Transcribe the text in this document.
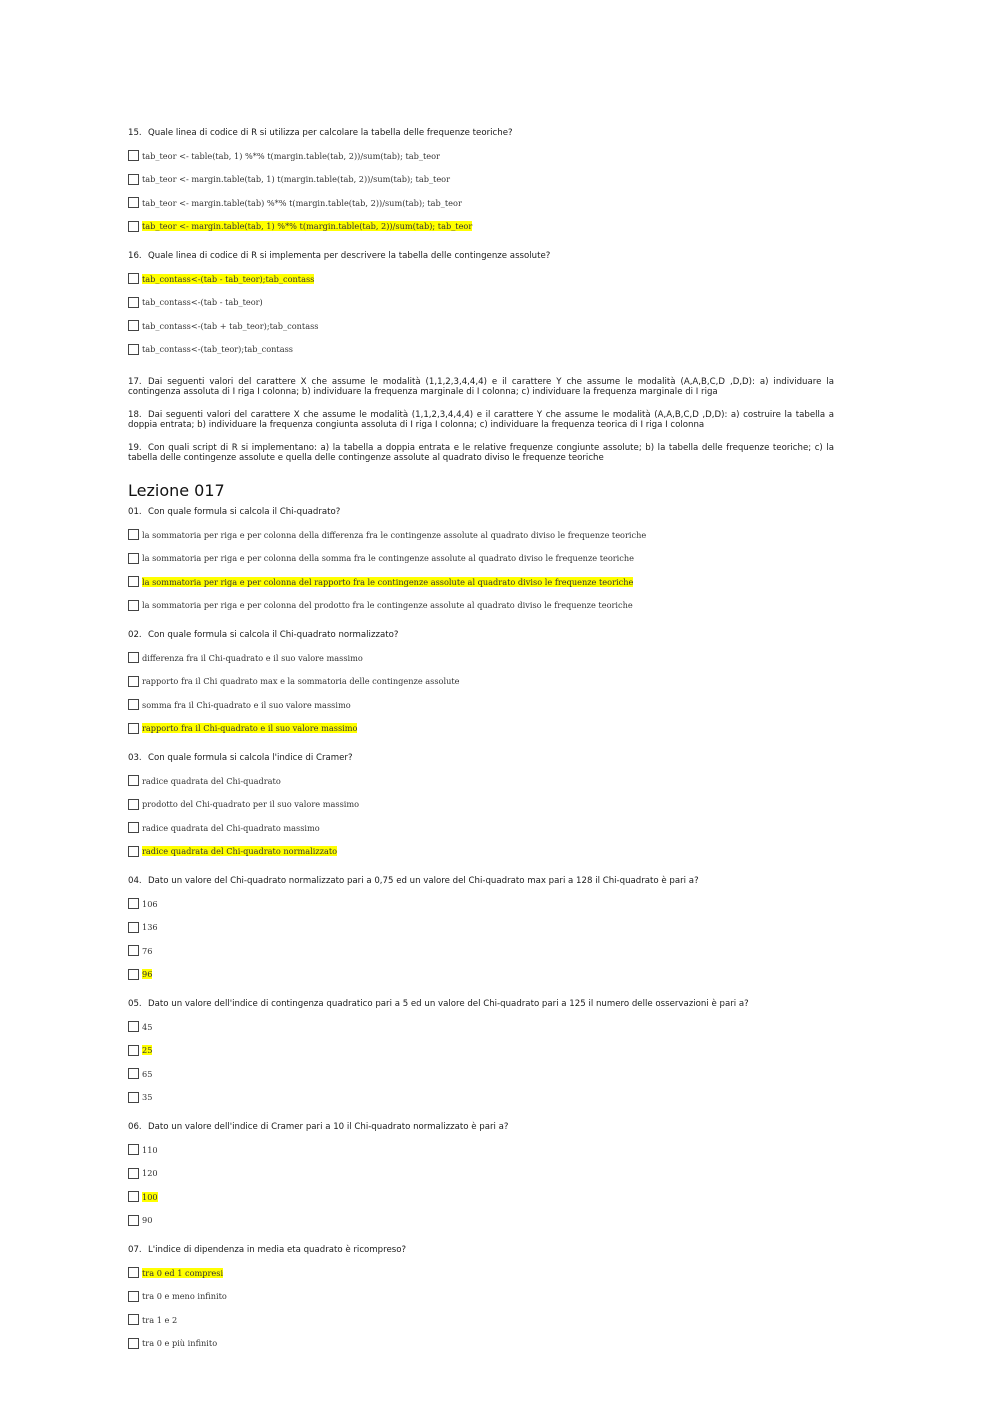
15. Quale linea di codice di R si utilizza per calcolare la tabella delle frequenze teoriche?

tab_teor <- table(tab, 1) %*% t(margin.table(tab, 2))/sum(tab); tab_teor
tab_teor <- margin.table(tab, 1) t(margin.table(tab, 2))/sum(tab); tab_teor
tab_teor <- margin.table(tab) %*% t(margin.table(tab, 2))/sum(tab); tab_teor
tab_teor <- margin.table(tab, 1) %*% t(margin.table(tab, 2))/sum(tab); tab_teor

16. Quale linea di codice di R si implementa per descrivere la tabella delle contingenze assolute?

tab_contass<-(tab - tab_teor);tab_contass
tab_contass<-(tab - tab_teor)
tab_contass<-(tab + tab_teor);tab_contass
tab_contass<-(tab_teor);tab_contass

17. Dai seguenti valori del carattere X che assume le modalità (1,1,2,3,4,4,4) e il carattere Y che assume le modalità (A,A,B,C,D ,D,D): a) individuare la contingenza assoluta di I riga I colonna; b) individuare la frequenza marginale di I colonna; c) individuare la frequenza marginale di I riga

18. Dai seguenti valori del carattere X che assume le modalità (1,1,2,3,4,4,4) e il carattere Y che assume le modalità (A,A,B,C,D ,D,D): a) costruire la tabella a doppia entrata; b) individuare la frequenza congiunta assoluta di I riga I colonna; c) individuare la frequenza teorica di I riga I colonna

19. Con quali script di R si implementano: a) la tabella a doppia entrata e le relative frequenze congiunte assolute; b) la tabella delle frequenze teoriche; c) la tabella delle contingenze assolute e quella delle contingenze assolute al quadrato diviso le frequenze teoriche

Lezione 017

01. Con quale formula si calcola il Chi-quadrato?

la sommatoria per riga e per colonna della differenza fra le contingenze assolute al quadrato diviso le frequenze teoriche
la sommatoria per riga e per colonna della somma fra le contingenze assolute al quadrato diviso le frequenze teoriche
la sommatoria per riga e per colonna del rapporto fra le contingenze assolute al quadrato diviso le frequenze teoriche
la sommatoria per riga e per colonna del prodotto fra le contingenze assolute al quadrato diviso le frequenze teoriche

02. Con quale formula si calcola il Chi-quadrato normalizzato?

differenza fra il Chi-quadrato e il suo valore massimo
rapporto fra il Chi quadrato max e la sommatoria delle contingenze assolute
somma fra il Chi-quadrato e il suo valore massimo
rapporto fra il Chi-quadrato e il suo valore massimo

03. Con quale formula si calcola l'indice di Cramer?

radice quadrata del Chi-quadrato
prodotto del Chi-quadrato per il suo valore massimo
radice quadrata del Chi-quadrato massimo
radice quadrata del Chi-quadrato normalizzato

04. Dato un valore del Chi-quadrato normalizzato pari a 0,75 ed un valore del Chi-quadrato max pari a 128 il Chi-quadrato è pari a?

106
136
76
96

05. Dato un valore dell'indice di contingenza quadratico pari a 5 ed un valore del Chi-quadrato pari a 125 il numero delle osservazioni è pari a?

45
25
65
35

06. Dato un valore dell'indice di Cramer pari a 10 il Chi-quadrato normalizzato è pari a?

110
120
100
90

07. L'indice di dipendenza in media eta quadrato è ricompreso?

tra 0 ed 1 compresi
tra 0 e meno infinito
tra 1 e 2
tra 0 e più infinito
